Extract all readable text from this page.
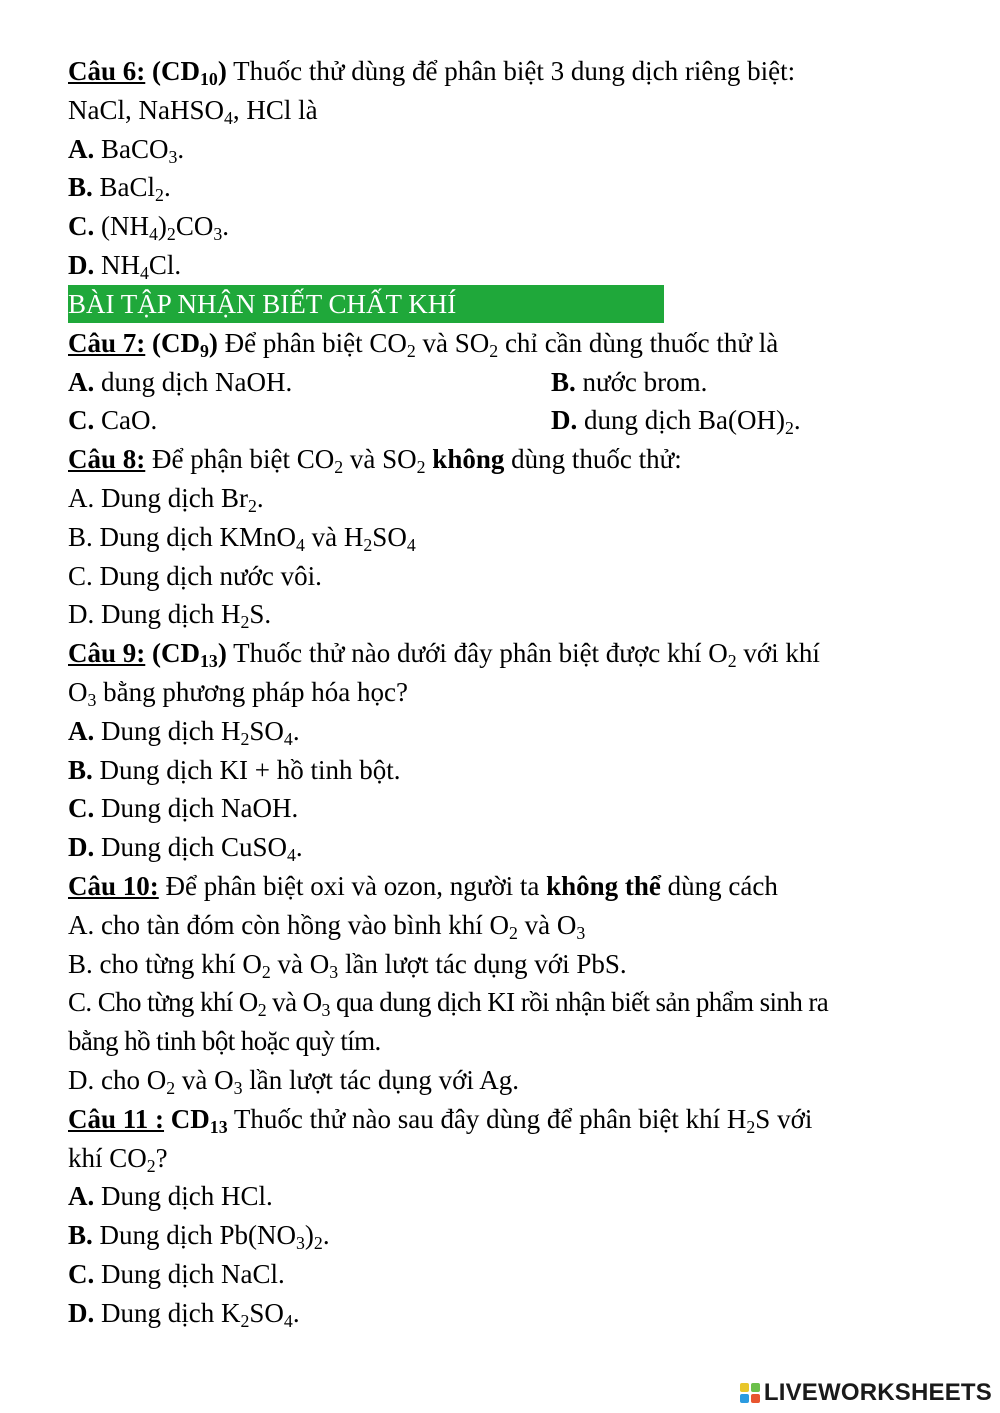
Câu 6: $(CD_{10})$ Thuốc thử dùng để phân biệt 3 dung dịch riêng biệt:
NaCl, NaHSO$_4$, HCl là
A. BaCO$_3$.
B. BaCl$_2$.
C. $(NH_4)_2CO_3$.
D. $NH_4Cl$.
BÀI TẬP NHẬN BIẾT CHẤT KHÍ
Câu 7: $(CD_9)$ Để phân biệt $CO_2$ và $SO_2$ chỉ cần dùng thuốc thử là
A. dung dịch NaOH.	B. nước brom.
C. CaO.	D. dung dịch $Ba(OH)_2$.
Câu 8: Để phận biệt $CO_2$ và $SO_2$ không dùng thuốc thử:
A. Dung dịch $Br_2$.
B. Dung dịch KMnO$_4$ và $H_2SO_4$
C. Dung dịch nước vôi.
D. Dung dịch $H_2S$.
Câu 9: $(CD_{13})$ Thuốc thử nào dưới đây phân biệt được khí $O_2$ với khí
$O_3$ bằng phương pháp hóa học?
A. Dung dịch $H_2SO_4$.
B. Dung dịch KI + hồ tinh bột.
C. Dung dịch NaOH.
D. Dung dịch CuSO$_4$.
Câu 10: Để phân biệt oxi và ozon, người ta không thể dùng cách
A. cho tàn đóm còn hồng vào bình khí $O_2$ và $O_3$
B. cho từng khí $O_2$ và $O_3$ lần lượt tác dụng với PbS.
C. Cho từng khí $O_2$ và $O_3$ qua dung dịch KI rồi nhận biết sản phẩm sinh ra
bằng hồ tinh bột hoặc quỳ tím.
D. cho $O_2$ và $O_3$ lần lượt tác dụng với Ag.
Câu 11 : $CD_{13}$ Thuốc thử nào sau đây dùng để phân biệt khí $H_2S$ với
khí $CO_2$?
A. Dung dịch HCl.
B. Dung dịch $Pb(NO_3)_2$.
C. Dung dịch NaCl.
D. Dung dịch $K_2SO_4$.
LIVEWORKSHEETS
